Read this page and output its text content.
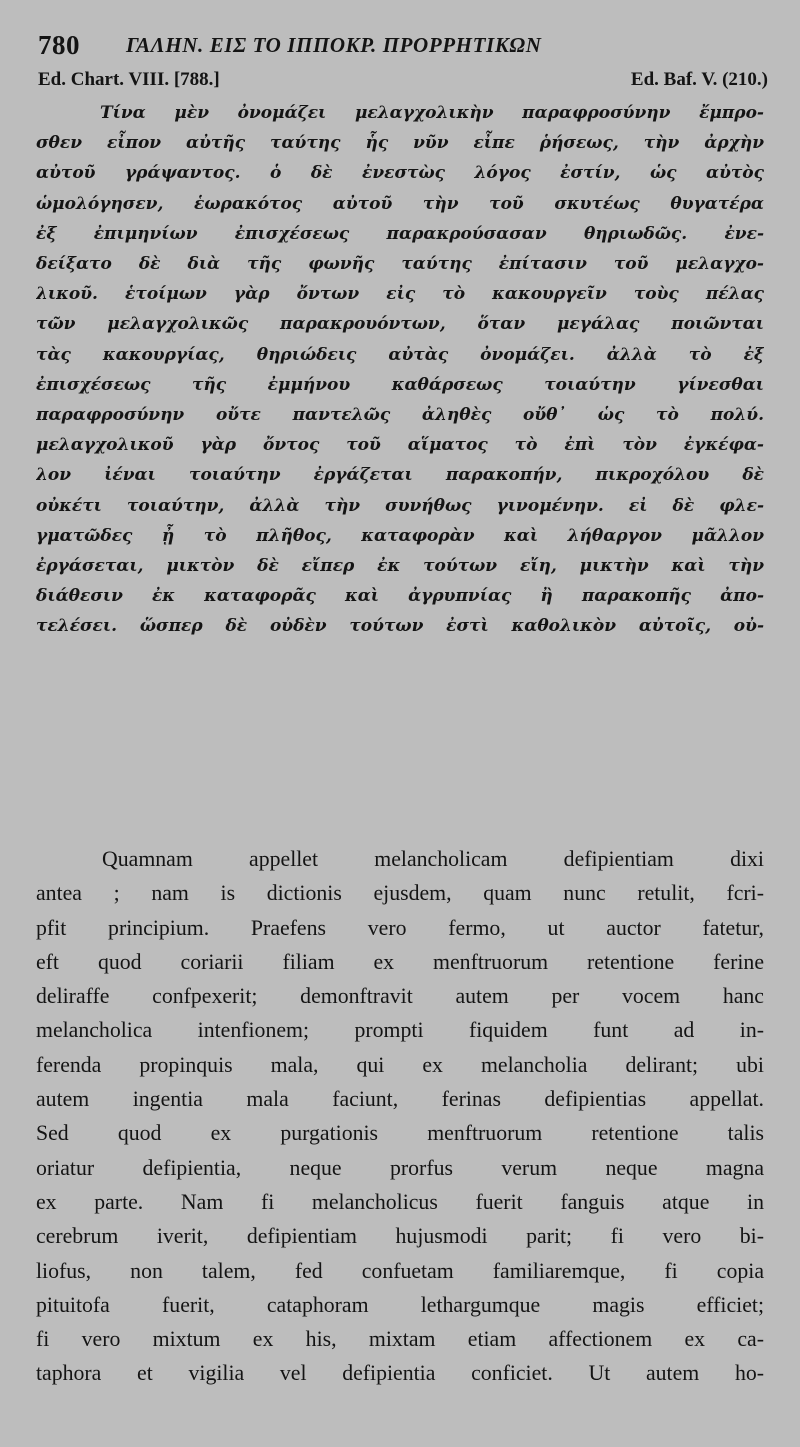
780 ΓΑΛΗΝ. ΕΙΣ ΤΟ ΙΠΠΟΚΡ. ΠΡΟΡΡΗΤΙΚΩΝ
Ed. Chart. VIII. [788.]	Ed. Baf. V. (210.)
Τίνα μὲν ὀνομάζει μελαγχολικὴν παραφροσύνην ἔμπρο-
σθεν εἶπον αὐτῆς ταύτης ἧς νῦν εἶπε ῥήσεως, τὴν ἀρχὴν
αὐτοῦ γράψαντος. ὁ δὲ ἐνεστὼς λόγος ἐστίν, ὡς αὐτὸς
ὡμολόγησεν, ἑωρακότος αὐτοῦ τὴν τοῦ σκυτέως θυγατέρα
ἐξ ἐπιμηνίων ἐπισχέσεως παρακρούσασαν θηριωδῶς. ἐνε-
δείξατο δὲ διὰ τῆς φωνῆς ταύτης ἐπίτασιν τοῦ μελαγχο-
λικοῦ. ἑτοίμων γὰρ ὄντων εἰς τὸ κακουργεῖν τοὺς πέλας
τῶν μελαγχολικῶς παρακρουόντων, ὅταν μεγάλας ποιῶνται
τὰς κακουργίας, θηριώδεις αὐτὰς ὀνομάζει. ἀλλὰ τὸ ἐξ
ἐπισχέσεως τῆς ἐμμήνου καθάρσεως τοιαύτην γίνεσθαι
παραφροσύνην οὔτε παντελῶς ἀληθὲς οὔθ᾽ ὡς τὸ πολύ.
μελαγχολικοῦ γὰρ ὄντος τοῦ αἵματος τὸ ἐπὶ τὸν ἐγκέφα-
λον ἰέναι τοιαύτην ἐργάζεται παρακοπήν, πικροχόλου δὲ
οὐκέτι τοιαύτην, ἀλλὰ τὴν συνήθως γινομένην. εἰ δὲ φλε-
γματῶδες ᾖ τὸ πλῆθος, καταφορὰν καὶ λήθαργον μᾶλλον
ἐργάσεται, μικτὸν δὲ εἴπερ ἐκ τούτων εἴη, μικτὴν καὶ τὴν
διάθεσιν ἐκ καταφορᾶς καὶ ἀγρυπνίας ἢ παρακοπῆς ἀπο-
τελέσει. ὥσπερ δὲ οὐδὲν τούτων ἐστὶ καθολικὸν αὐτοῖς, οὐ-
Quamnam appellet melancholicam defipientiam dixi
antea ; nam is dictionis ejusdem, quam nunc retulit, fcri-
pfit principium. Praefens vero fermo, ut auctor fatetur,
eft quod coriarii filiam ex menftruorum retentione ferine
deliraffe confpexerit; demonftravit autem per vocem hanc
melancholica intenfionem; prompti fiquidem funt ad in-
ferenda propinquis mala, qui ex melancholia delirant; ubi
autem ingentia mala faciunt, ferinas defipientias appellat.
Sed quod ex purgationis menftruorum retentione talis
oriatur defipientia, neque prorfus verum neque magna
ex parte. Nam fi melancholicus fuerit fanguis atque in
cerebrum iverit, defipientiam hujusmodi parit; fi vero bi-
liofus, non talem, fed confuetam familiaremque, fi copia
pituitofa fuerit, cataphoram lethargumque magis efficiet;
fi vero mixtum ex his, mixtam etiam affectionem ex ca-
taphora et vigilia vel defipientia conficiet. Ut autem ho-
